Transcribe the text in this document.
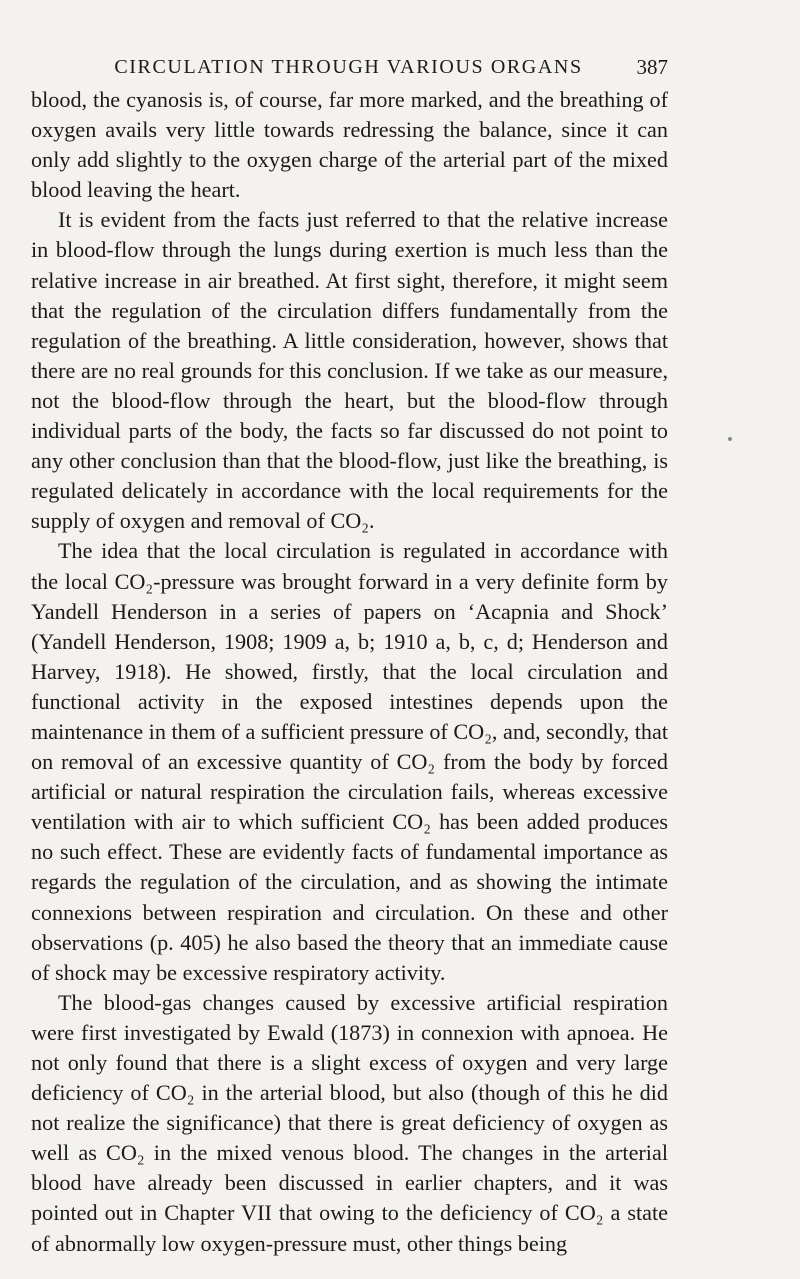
CIRCULATION THROUGH VARIOUS ORGANS	387

blood, the cyanosis is, of course, far more marked, and the breathing of oxygen avails very little towards redressing the balance, since it can only add slightly to the oxygen charge of the arterial part of the mixed blood leaving the heart.

It is evident from the facts just referred to that the relative increase in blood-flow through the lungs during exertion is much less than the relative increase in air breathed. At first sight, therefore, it might seem that the regulation of the circulation differs fundamentally from the regulation of the breathing. A little consideration, however, shows that there are no real grounds for this conclusion. If we take as our measure, not the blood-flow through the heart, but the blood-flow through individual parts of the body, the facts so far discussed do not point to any other conclusion than that the blood-flow, just like the breathing, is regulated delicately in accordance with the local requirements for the supply of oxygen and removal of CO₂.

The idea that the local circulation is regulated in accordance with the local CO₂-pressure was brought forward in a very definite form by Yandell Henderson in a series of papers on ‘Acapnia and Shock’ (Yandell Henderson, 1908; 1909 a, b; 1910 a, b, c, d; Henderson and Harvey, 1918). He showed, firstly, that the local circulation and functional activity in the exposed intestines depends upon the maintenance in them of a sufficient pressure of CO₂, and, secondly, that on removal of an excessive quantity of CO₂ from the body by forced artificial or natural respiration the circulation fails, whereas excessive ventilation with air to which sufficient CO₂ has been added produces no such effect. These are evidently facts of fundamental importance as regards the regulation of the circulation, and as showing the intimate connexions between respiration and circulation. On these and other observations (p. 405) he also based the theory that an immediate cause of shock may be excessive respiratory activity.

The blood-gas changes caused by excessive artificial respiration were first investigated by Ewald (1873) in connexion with apnoea. He not only found that there is a slight excess of oxygen and very large deficiency of CO₂ in the arterial blood, but also (though of this he did not realize the significance) that there is great deficiency of oxygen as well as CO₂ in the mixed venous blood. The changes in the arterial blood have already been discussed in earlier chapters, and it was pointed out in Chapter VII that owing to the deficiency of CO₂ a state of abnormally low oxygen-pressure must, other things being
